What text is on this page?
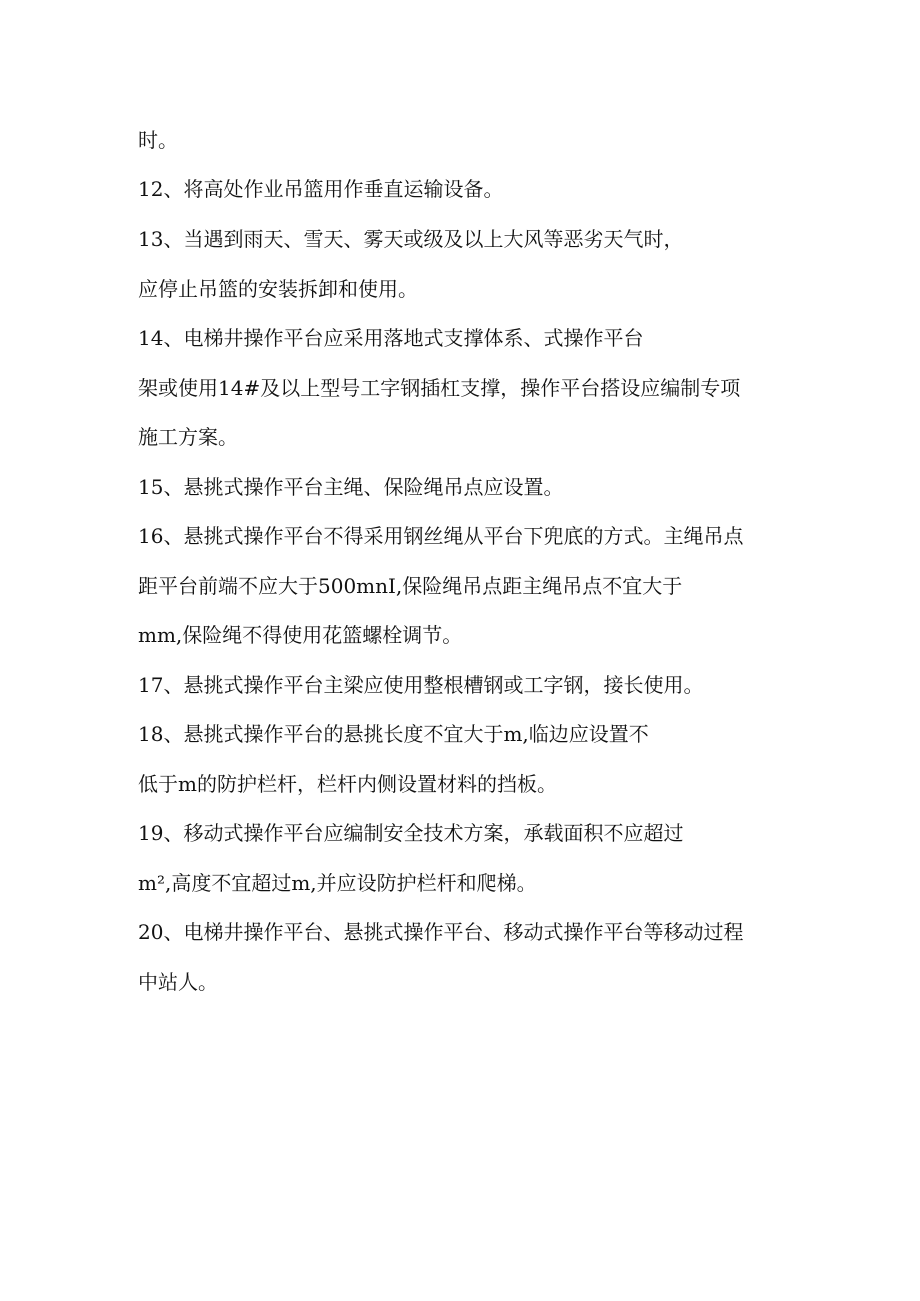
时。
12、将高处作业吊篮用作垂直运输设备。
13、当遇到雨天、雪天、雾天或级及以上大风等恶劣天气时，
应停止吊篮的安装拆卸和使用。
14、电梯井操作平台应采用落地式支撑体系、式操作平台
架或使用14#及以上型号工字钢插杠支撑，操作平台搭设应编制专项
施工方案。
15、悬挑式操作平台主绳、保险绳吊点应设置。
16、悬挑式操作平台不得采用钢丝绳从平台下兜底的方式。主绳吊点
距平台前端不应大于500mnI,保险绳吊点距主绳吊点不宜大于
mm,保险绳不得使用花篮螺栓调节。
17、悬挑式操作平台主梁应使用整根槽钢或工字钢，接长使用。
18、悬挑式操作平台的悬挑长度不宜大于m,临边应设置不
低于m的防护栏杆，栏杆内侧设置材料的挡板。
19、移动式操作平台应编制安全技术方案，承载面积不应超过
m²,高度不宜超过m,并应设防护栏杆和爬梯。
20、电梯井操作平台、悬挑式操作平台、移动式操作平台等移动过程
中站人。
